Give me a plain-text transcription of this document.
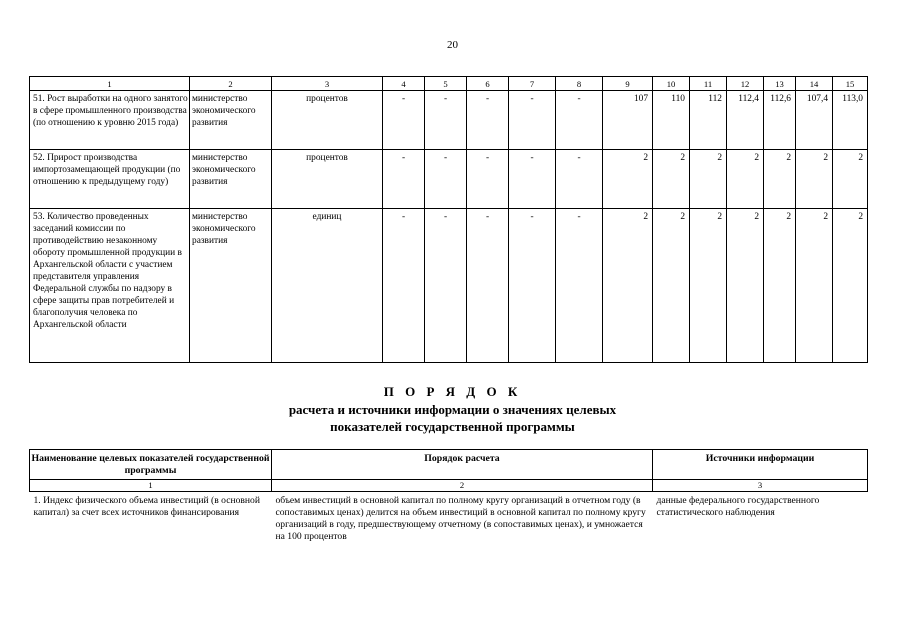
20
1	2	3	4	5	6	7	8	9	10	11	12	13	14	15
51. Рост выработки на одного занятого в сфере промышленного производства (по отношению к уровню 2015 года)	министерство экономического развития	процентов	-	-	-	-	-	107	110	112	112,4	112,6	107,4	113,0
52. Прирост производства импортозамещающей продукции (по отношению к предыдущему году)	министерство экономического развития	процентов	-	-	-	-	-	2	2	2	2	2	2	2
53. Количество проведенных заседаний комиссии по противодействию незаконному обороту промышленной продукции в Архангельской области с участием представителя управления Федеральной службы по надзору в сфере защиты прав потребителей и благополучия человека по Архангельской области	министерство экономического развития	единиц	-	-	-	-	-	2	2	2	2	2	2	2
П О Р Я Д О К
расчета и источники информации о значениях целевых
показателей государственной программы
Наименование целевых показателей государственной программы	Порядок расчета	Источники информации
1	2	3
1. Индекс физического объема инвестиций (в основной капитал) за счет всех источников финансирования	объем инвестиций в основной капитал по полному кругу организаций в отчетном году (в сопоставимых ценах) делится на объем инвестиций в основной капитал по полному кругу организаций в году, предшествующему отчетному (в сопоставимых ценах), и умножается на 100 процентов	данные федерального государственного статистического наблюдения
